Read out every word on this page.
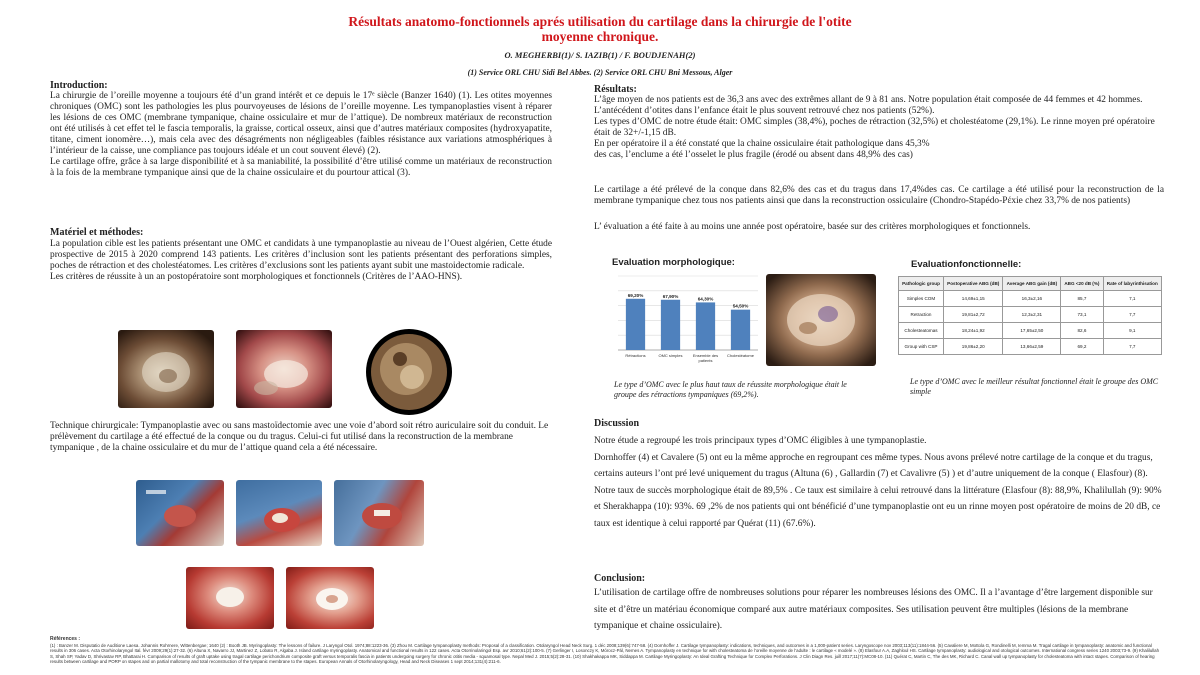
Résultats anatomo-fonctionnels aprés utilisation du cartilage dans la chirurgie de l'otite
moyenne chronique.
O. MEGHERBI(1)/ S. IAZIB(1) / F. BOUDJENAH(2)
(1) Service ORL CHU Sidi Bel Abbes. (2) Service ORL CHU Bni Messous, Alger
Introduction:

La chirurgie de l’oreille moyenne a toujours été d’un grand intérêt et ce depuis le 17ᵉ siècle (Banzer 1640) (1). Les otites moyennes chroniques (OMC) sont les pathologies les plus pourvoyeuses de lésions de l’oreille moyenne. Les tympanoplasties visent à réparer les lésions de ces OMC (membrane tympanique, chaine ossiculaire et mur de l’attique). De nombreux matériaux de reconstruction ont été utilisés à cet effet tel le fascia temporalis, la graisse, cortical osseux, ainsi que d’autres matériaux composites (hydroxyapatite, titane, ciment ionomère…), mais cela avec des désagréments non négligeables (faibles résistance aux variations atmosphériques à l’intérieur de la caisse, une compliance pas toujours idéale et un cout souvent élevé) (2).

Le cartilage offre, grâce à sa large disponibilité et à sa maniabilité, la possibilité d’être utilisé comme un matériaux de reconstruction à la fois de la membrane tympanique ainsi que de la chaine ossiculaire et du pourtour attical (3).

Matériel et méthodes:

La population cible est les patients présentant une OMC et candidats à une tympanoplastie au niveau de l’Ouest algérien, Cette étude prospective de 2015 à 2020 comprend 143 patients. Les critères d’inclusion sont les patients présentant des perforations simples, poches de rétraction et des cholestéatomes. Les critères d’exclusions sont les patients ayant subit une mastoidectomie radicale.

Les critères de réussite à un an postopératoire sont morphologiques et fonctionnels (Critères de l’AAO-HNS).

Technique chirurgicale: Tympanoplastie avec ou sans mastoïdectomie avec une voie d’abord soit rétro auriculaire soit du conduit. Le prélèvement du cartilage a été effectué de la conque ou du tragus. Celui-ci fut utilisé dans la reconstruction de la membrane tympanique , de la chaine ossiculaire et du mur de l’attique quand cela a été nécessaire.
Résultats:

L’âge moyen de nos patients est de 36,3 ans avec des extrêmes allant de 9 à 81 ans. Notre population était composée de 44 femmes et 42 hommes. L’antécédent d’otites dans l’enfance était le plus souvent retrouvé chez nos patients (52%).

Les types d’OMC de notre étude était: OMC simples (38,4%), poches de rétraction (32,5%) et cholestéatome (29,1%). Le rinne moyen pré opératoire était de 32+/-1,15 dB.

En per opératoire il a été constaté que la chaine ossiculaire était pathologique dans 45,3%

des cas, l’enclume a été l’osselet le plus fragile (érodé ou absent dans 48,9% des cas)

Le cartilage a été prélevé de la conque dans 82,6% des cas et du tragus dans 17,4%des cas. Ce cartilage a été utilisé pour la reconstruction de la membrane tympanique chez tous nos patients ainsi que dans la reconstruction ossiculaire (Chondro-Stapédo-Pέxie chez 33,7% de nos patients)
L’ évaluation a été faite à au moins une année post opératoire, basée sur des critères morphologiques et fonctionnels.
Evaluation morphologique:
69,20%
Rétractions
67,90%
OMC simples
64,30%
Ensemble des
patients
54,50%
Cholestéatome
Le type d’OMC avec le plus haut taux de réussite morphologique était le groupe des rétractions tympaniques (69,2%).
Evaluationfonctionnelle:
Pathologic group	Postoperative ABG (dB)	Average ABG gain (dB)	ABG <20 dB (%)	Rate of labyrinthisation
Simples COM	14,69±1,15	16,3±2,16	85,7	7,1
Retraction	19,81±2,72	12,3±2,31	73,1	7,7
Cholesteatomas	18,24±1,92	17,65±2,50	82,6	9,1
Group with CSP	19,86±2,20	13,66±2,59	69,2	7,7
Le type d’OMC avec le meilleur résultat fonctionnel était le groupe des OMC simple
Discussion

Notre étude a regroupé les trois principaux types d’OMC éligibles à une tympanoplastie.

Dornhoffer (4) et Cavalere (5) ont eu la même approche en regroupant ces même types. Nous avons prélevé notre cartilage de la conque et du tragus, certains auteurs l’ont pré levé uniquement du tragus (Altuna (6) , Gallardin (7) et Cavalivre (5) ) et d’autre uniquement de la conque ( Elasfour) (8).

Notre taux de succès morphologique était de 89,5% . Ce taux est similaire à celui retrouvé dans la littérature (Elasfour (8): 88,9%, Khalilullah (9): 90% et Sherakhappa (10): 93%. 69 ,2% de nos patients qui ont bénéficié d’une tympanoplastie ont eu un rinne moyen post opératoire de moins de 20 dB, ce taux est identique à celui rapporté par Quérat (11) (67.6%).

Conclusion:
L’utilisation de cartilage offre de nombreuses solutions pour réparer les nombreuses lésions des OMC. Il a l’avantage d’être largement disponible sur site et d’être un matériau économique comparé aux autre matériaux composites. Ses utilisation peuvent être multiples (lésions de la membrane tympanique et chaine ossiculaire).
Références :
(1) : Banzer M. Disputatio de Auditione Laesa. Johannis Rohrnere, Wittenbergae; 1640 (2) : Booth JB. Myringoplasty: The lessons of failure. J Laryngol Otol. 1974;88:1223-36. (3) Zhou M. Cartilage tympanoplasty methods: Proposal of a classification. Otolaryngol Head Neck Surg. 1 déc 2008;139(6):747-58. (4) Dornhoffer J. Cartilage tympanoplasty: indications, techniques, and outcomes in a 1,000-patient series. Laryngoscope nov 2003;113(11):1844-56. (5) Cavaliere M, Mottola G, Rondinelli M, Iemma M. Tragal cartilage in tympanoplasty: anatomic and functional results in 306 cases. Acta Otorhinolaryngol Ital. févr 2009;29(1):27-32. (6) Altuna X, Navarro JJ, Martinez Z, Lobato R, Algaba J. Island cartilage myringoplasty. Anatomical and functional results in 122 cases. Acta Otorrinolaringol Esp. avr 2010;61(2):100-5. (7) Gerlinger I, Losonczy K, Mórocz-Pál, Nemes A. Tympanoplasty en technique for with cholesteatoma de l’oreille moyenne de l’adulte : le cartilage « modelé ». (8) Elasfour A.A, Zaghloul HS. Cartilage tympanoplasty: audiological and otological outcomes. International congress series 1240 2003;73-9. (9) Khalilullah S, Shah SP, Yadav D, Shrivastav RP, Bhattarai H. Comparison of results of graft uptake using tragal cartilage perichondrium composite graft versus temporalis fascia in patients undergoing surgery for chronic otitis media - squamosal type. Nepal Med J. 2015;5(2):28-31. (10) Shakhakappa MK, Siddappa M. Cartilage Myringoplasty: An Ideal Grafting Technique for Complex Perforations. J Clin Diagn Res. juill 2017;11(7):MC08-10. (11) Quérat C, Martin C, The des MK, Richard C. Canal wall up tympanoplasty for cholesteatoma with intact stapes. Comparison of hearing results between cartilage and PORP on stapes and on partial mallotomy and total reconstruction of the tympanic membrane to the stapes. European Annals of Otorhinolaryngology, Head and Neck Diseases 1 sept 2014;131(4):211-6.
